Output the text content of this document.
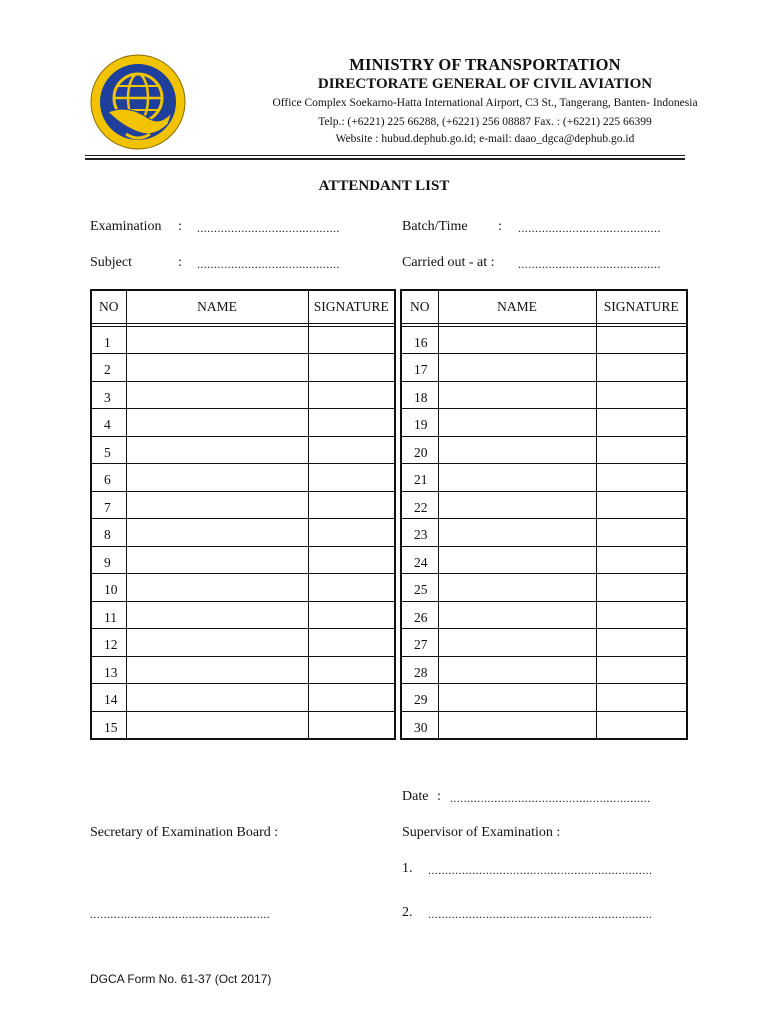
MINISTRY OF TRANSPORTATION
DIRECTORATE GENERAL OF CIVIL AVIATION
Office Complex Soekarno-Hatta International Airport, C3 St., Tangerang, Banten- Indonesia
Telp.: (+6221) 225 66288, (+6221) 256 08887 Fax. : (+6221) 225 66399
Website : hubud.dephub.go.id; e-mail: daao_dgca@dephub.go.id
ATTENDANT LIST
Examination : ..........................................
Subject	: ..........................................
Batch/Time : ..........................................
Carried out - at : ..........................................
NO	NAME	SIGNATURE

1		
2		
3		
4		
5		
6		
7		
8		
9		
10		
11		
12		
13		
14		
15		
NO	NAME	SIGNATURE

16		
17		
18		
19		
20		
21		
22		
23		
24		
25		
26		
27		
28		
29		
30		
Date : ...........................................................
Secretary of Examination Board :	Supervisor of Examination :
1. ..................................................................
2. ..................................................................
.....................................................
DGCA Form No. 61-37 (Oct 2017)
